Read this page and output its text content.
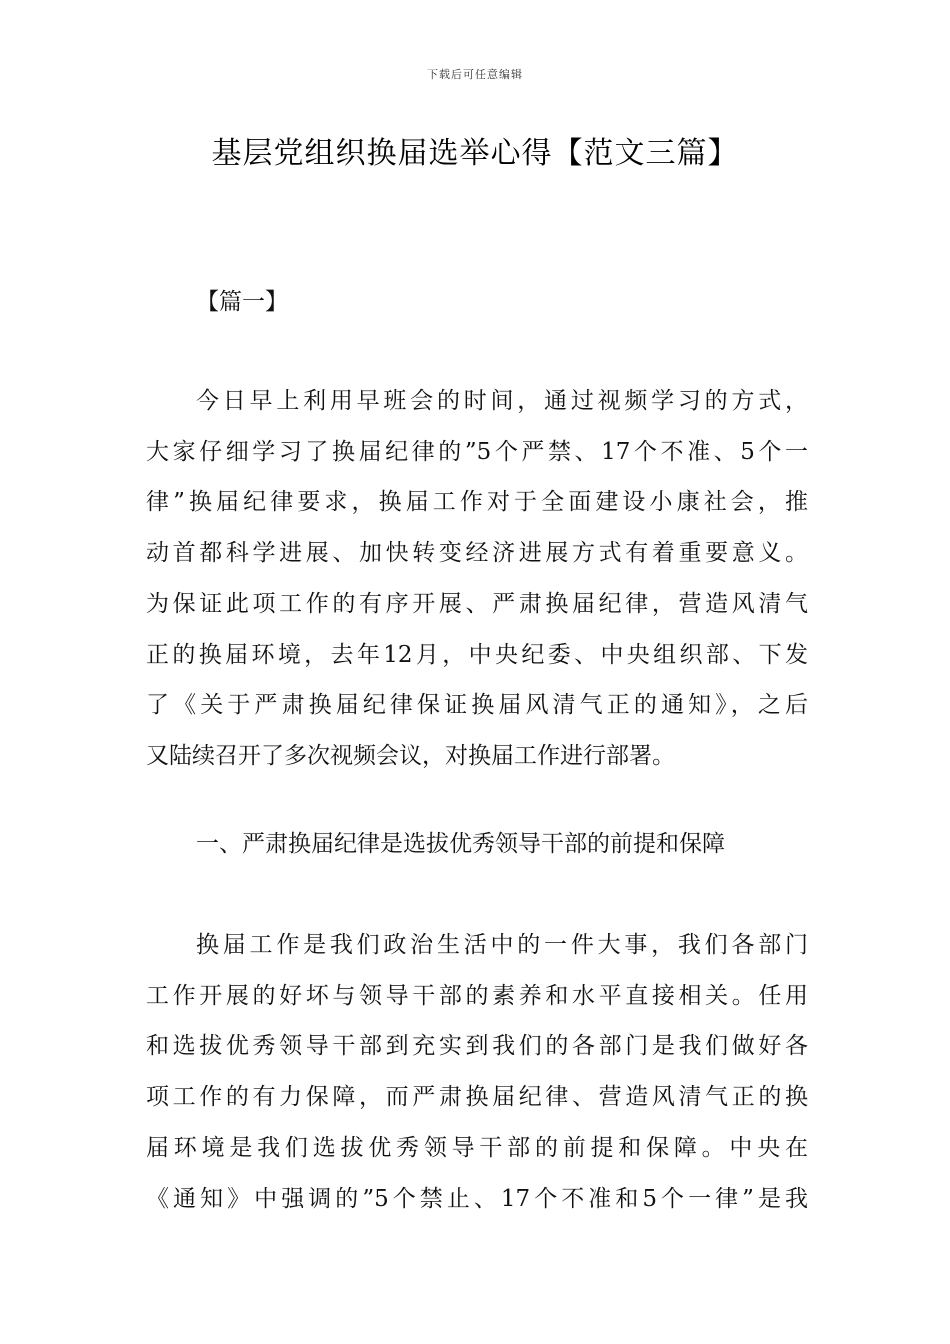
下载后可任意编辑
基层党组织换届选举心得【范文三篇】
【篇一】

今日早上利用早班会的时间，通过视频学习的方式，
大家仔细学习了换届纪律的”5个严禁、17个不准、5个一
律”换届纪律要求，换届工作对于全面建设小康社会，推
动首都科学进展、加快转变经济进展方式有着重要意义。
为保证此项工作的有序开展、严肃换届纪律，营造风清气
正的换届环境，去年12月，中央纪委、中央组织部、下发
了《关于严肃换届纪律保证换届风清气正的通知》，之后
又陆续召开了多次视频会议，对换届工作进行部署。

一、严肃换届纪律是选拔优秀领导干部的前提和保障

换届工作是我们政治生活中的一件大事，我们各部门
工作开展的好坏与领导干部的素养和水平直接相关。任用
和选拔优秀领导干部到充实到我们的各部门是我们做好各
项工作的有力保障，而严肃换届纪律、营造风清气正的换
届环境是我们选拔优秀领导干部的前提和保障。中央在
《通知》中强调的”5个禁止、17个不准和5个一律”是我
